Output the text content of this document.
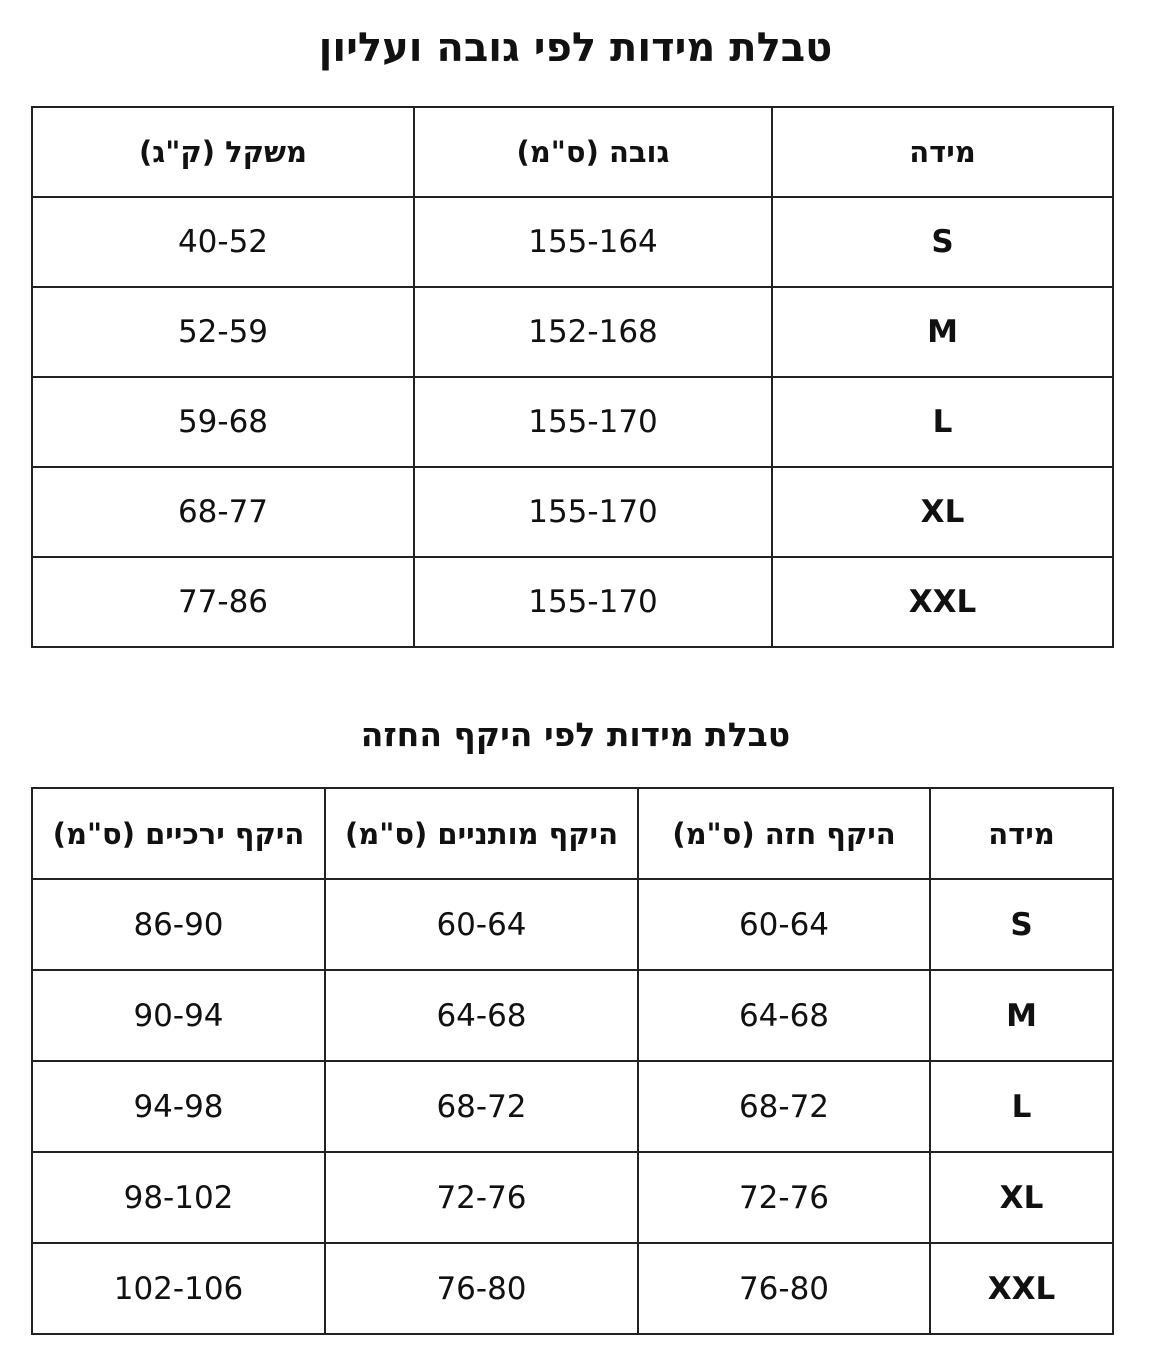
טבלת מידות לפי גובה ועליון
משקל (ק"ג)	גובה (ס"מ)	מידה
40-52	155-164	S
52-59	152-168	M
59-68	155-170	L
68-77	155-170	XL
77-86	155-170	XXL
טבלת מידות לפי היקף החזה
היקף ירכיים (ס"מ)	היקף מותניים (ס"מ)	היקף חזה (ס"מ)	מידה
86-90	60-64	60-64	S
90-94	64-68	64-68	M
94-98	68-72	68-72	L
98-102	72-76	72-76	XL
102-106	76-80	76-80	XXL
